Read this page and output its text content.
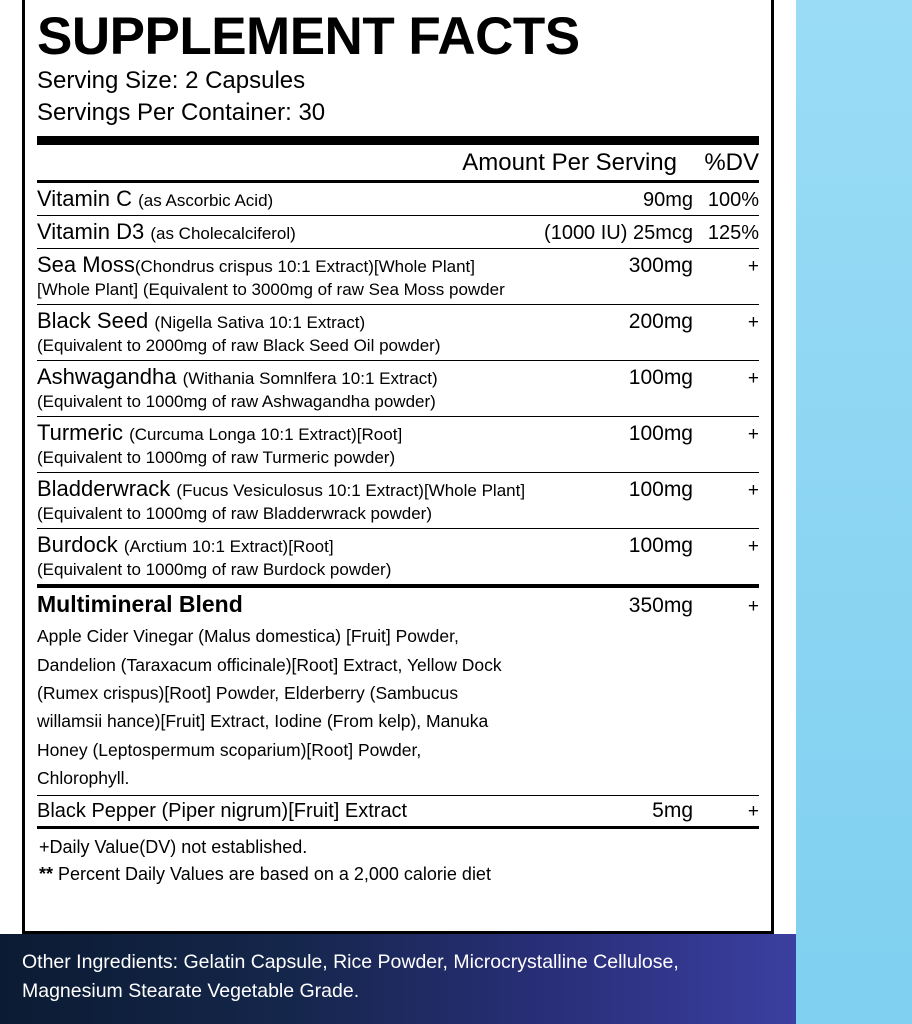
SUPPLEMENT FACTS
Serving Size: 2 Capsules
Servings Per Container: 30
Amount Per Serving	%DV
Vitamin C (as Ascorbic Acid)	90mg 100%
Vitamin D3 (as Cholecalciferol)	(1000 IU) 25mcg 125%
Sea Moss(Chondrus crispus 10:1 Extract)[Whole Plant]	300mg	+
[Whole Plant] (Equivalent to 3000mg of raw Sea Moss powder
Black Seed (Nigella Sativa 10:1 Extract)	200mg	+
(Equivalent to 2000mg of raw Black Seed Oil powder)
Ashwagandha (Withania Somnlfera 10:1 Extract)	100mg	+
(Equivalent to 1000mg of raw Ashwagandha powder)
Turmeric (Curcuma Longa 10:1 Extract)[Root]	100mg	+
(Equivalent to 1000mg of raw Turmeric powder)
Bladderwrack (Fucus Vesiculosus 10:1 Extract)[Whole Plant]	100mg	+
(Equivalent to 1000mg of raw Bladderwrack powder)
Burdock (Arctium 10:1 Extract)[Root]	100mg	+
(Equivalent to 1000mg of raw Burdock powder)
Multimineral Blend	350mg	+
Apple Cider Vinegar (Malus domestica) [Fruit] Powder,
Dandelion (Taraxacum officinale)[Root] Extract, Yellow Dock
(Rumex crispus)[Root] Powder, Elderberry (Sambucus
willamsii hance)[Fruit] Extract, Iodine (From kelp), Manuka
Honey (Leptospermum scoparium)[Root] Powder,
Chlorophyll.
Black Pepper (Piper nigrum)[Fruit] Extract	5mg	+
+Daily Value(DV) not established.
** Percent Daily Values are based on a 2,000 calorie diet
Other Ingredients: Gelatin Capsule, Rice Powder, Microcrystalline Cellulose,
Magnesium Stearate Vegetable Grade.
